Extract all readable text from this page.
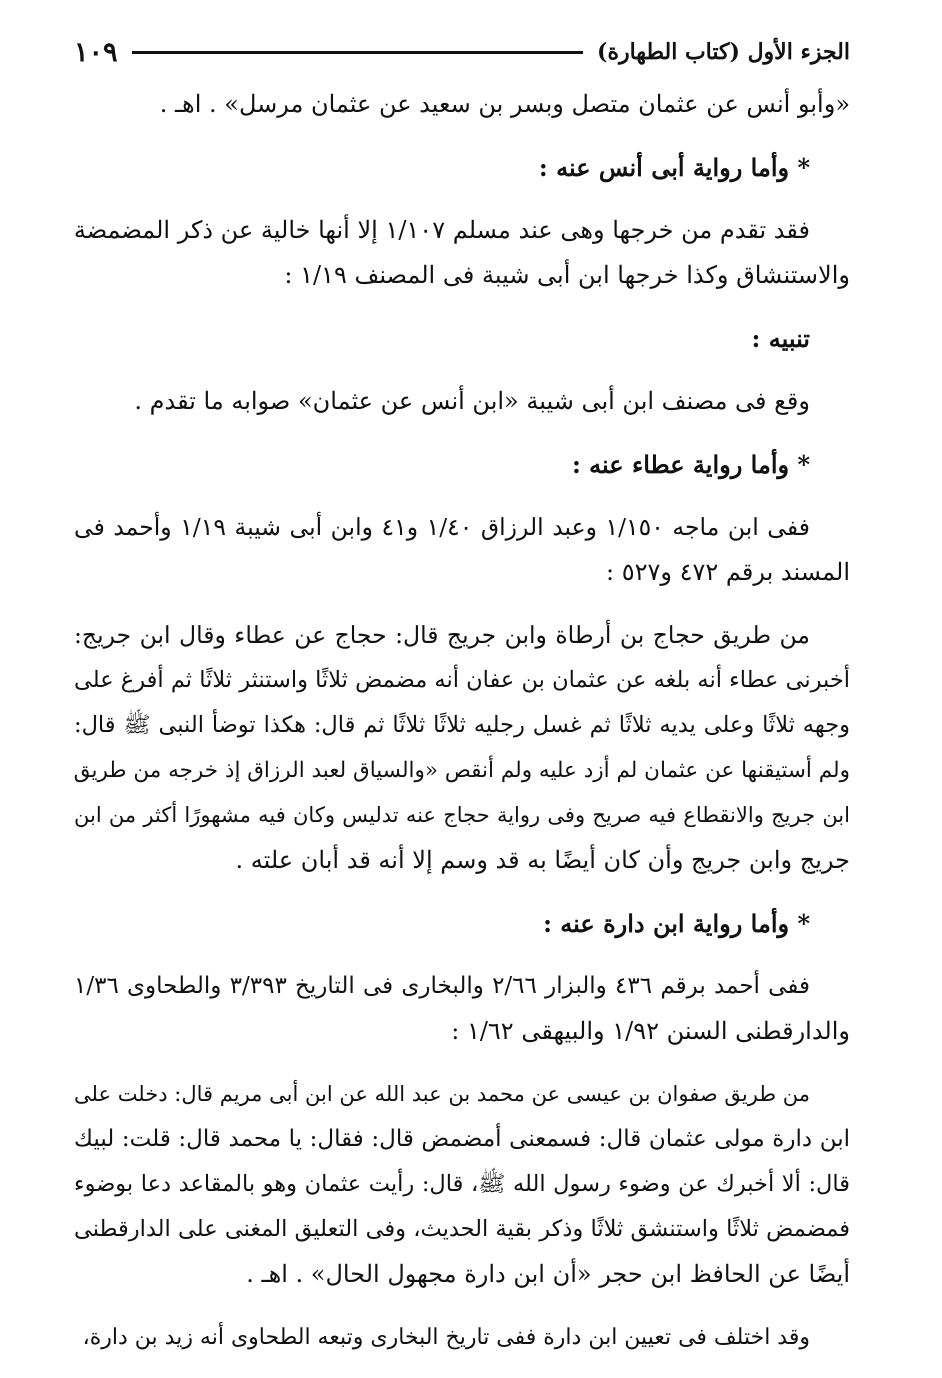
١٠٩	الجزء الأول (كتاب الطهارة)
«وأبو أنس عن عثمان متصل وبسر بن سعيد عن عثمان مرسل» . اهـ .
* وأما رواية أبى أنس عنه :
فقد تقدم من خرجها وهى عند مسلم ١/١٠٧ إلا أنها خالية عن ذكر المضمضة
والاستنشاق وكذا خرجها ابن أبى شيبة فى المصنف ١/١٩ :
تنبيه :
وقع فى مصنف ابن أبى شيبة «ابن أنس عن عثمان» صوابه ما تقدم .
* وأما رواية عطاء عنه :
ففى ابن ماجه ١/١٥٠ وعبد الرزاق ١/٤٠ و٤١ وابن أبى شيبة ١/١٩ وأحمد فى
المسند برقم ٤٧٢ و٥٢٧ :
من طريق حجاج بن أرطاة وابن جريج قال: حجاج عن عطاء وقال ابن جريج:
أخبرنى عطاء أنه بلغه عن عثمان بن عفان أنه مضمض ثلاثًا واستنثر ثلاثًا ثم أفرغ على
وجهه ثلاثًا وعلى يديه ثلاثًا ثم غسل رجليه ثلاثًا ثلاثًا ثم قال: هكذا توضأ النبى ﷺ قال:
ولم أستيقنها عن عثمان لم أزد عليه ولم أنقص «والسياق لعبد الرزاق إذ خرجه من طريق
ابن جريج والانقطاع فيه صريح وفى رواية حجاج عنه تدليس وكان فيه مشهورًا أكثر من ابن
جريج وابن جريج وأن كان أيضًا به قد وسم إلا أنه قد أبان علته .
* وأما رواية ابن دارة عنه :
ففى أحمد برقم ٤٣٦ والبزار ٢/٦٦ والبخارى فى التاريخ ٣/٣٩٣ والطحاوى ١/٣٦
والدارقطنى السنن ١/٩٢ والبيهقى ١/٦٢ :
من طريق صفوان بن عيسى عن محمد بن عبد الله عن ابن أبى مريم قال: دخلت على
ابن دارة مولى عثمان قال: فسمعنى أمضمض قال: فقال: يا محمد قال: قلت: لبيك
قال: ألا أخبرك عن وضوء رسول الله ﷺ، قال: رأيت عثمان وهو بالمقاعد دعا بوضوء
فمضمض ثلاثًا واستنشق ثلاثًا وذكر بقية الحديث، وفى التعليق المغنى على الدارقطنى
أيضًا عن الحافظ ابن حجر «أن ابن دارة مجهول الحال» . اهـ .
وقد اختلف فى تعيين ابن دارة ففى تاريخ البخارى وتبعه الطحاوى أنه زيد بن دارة،
